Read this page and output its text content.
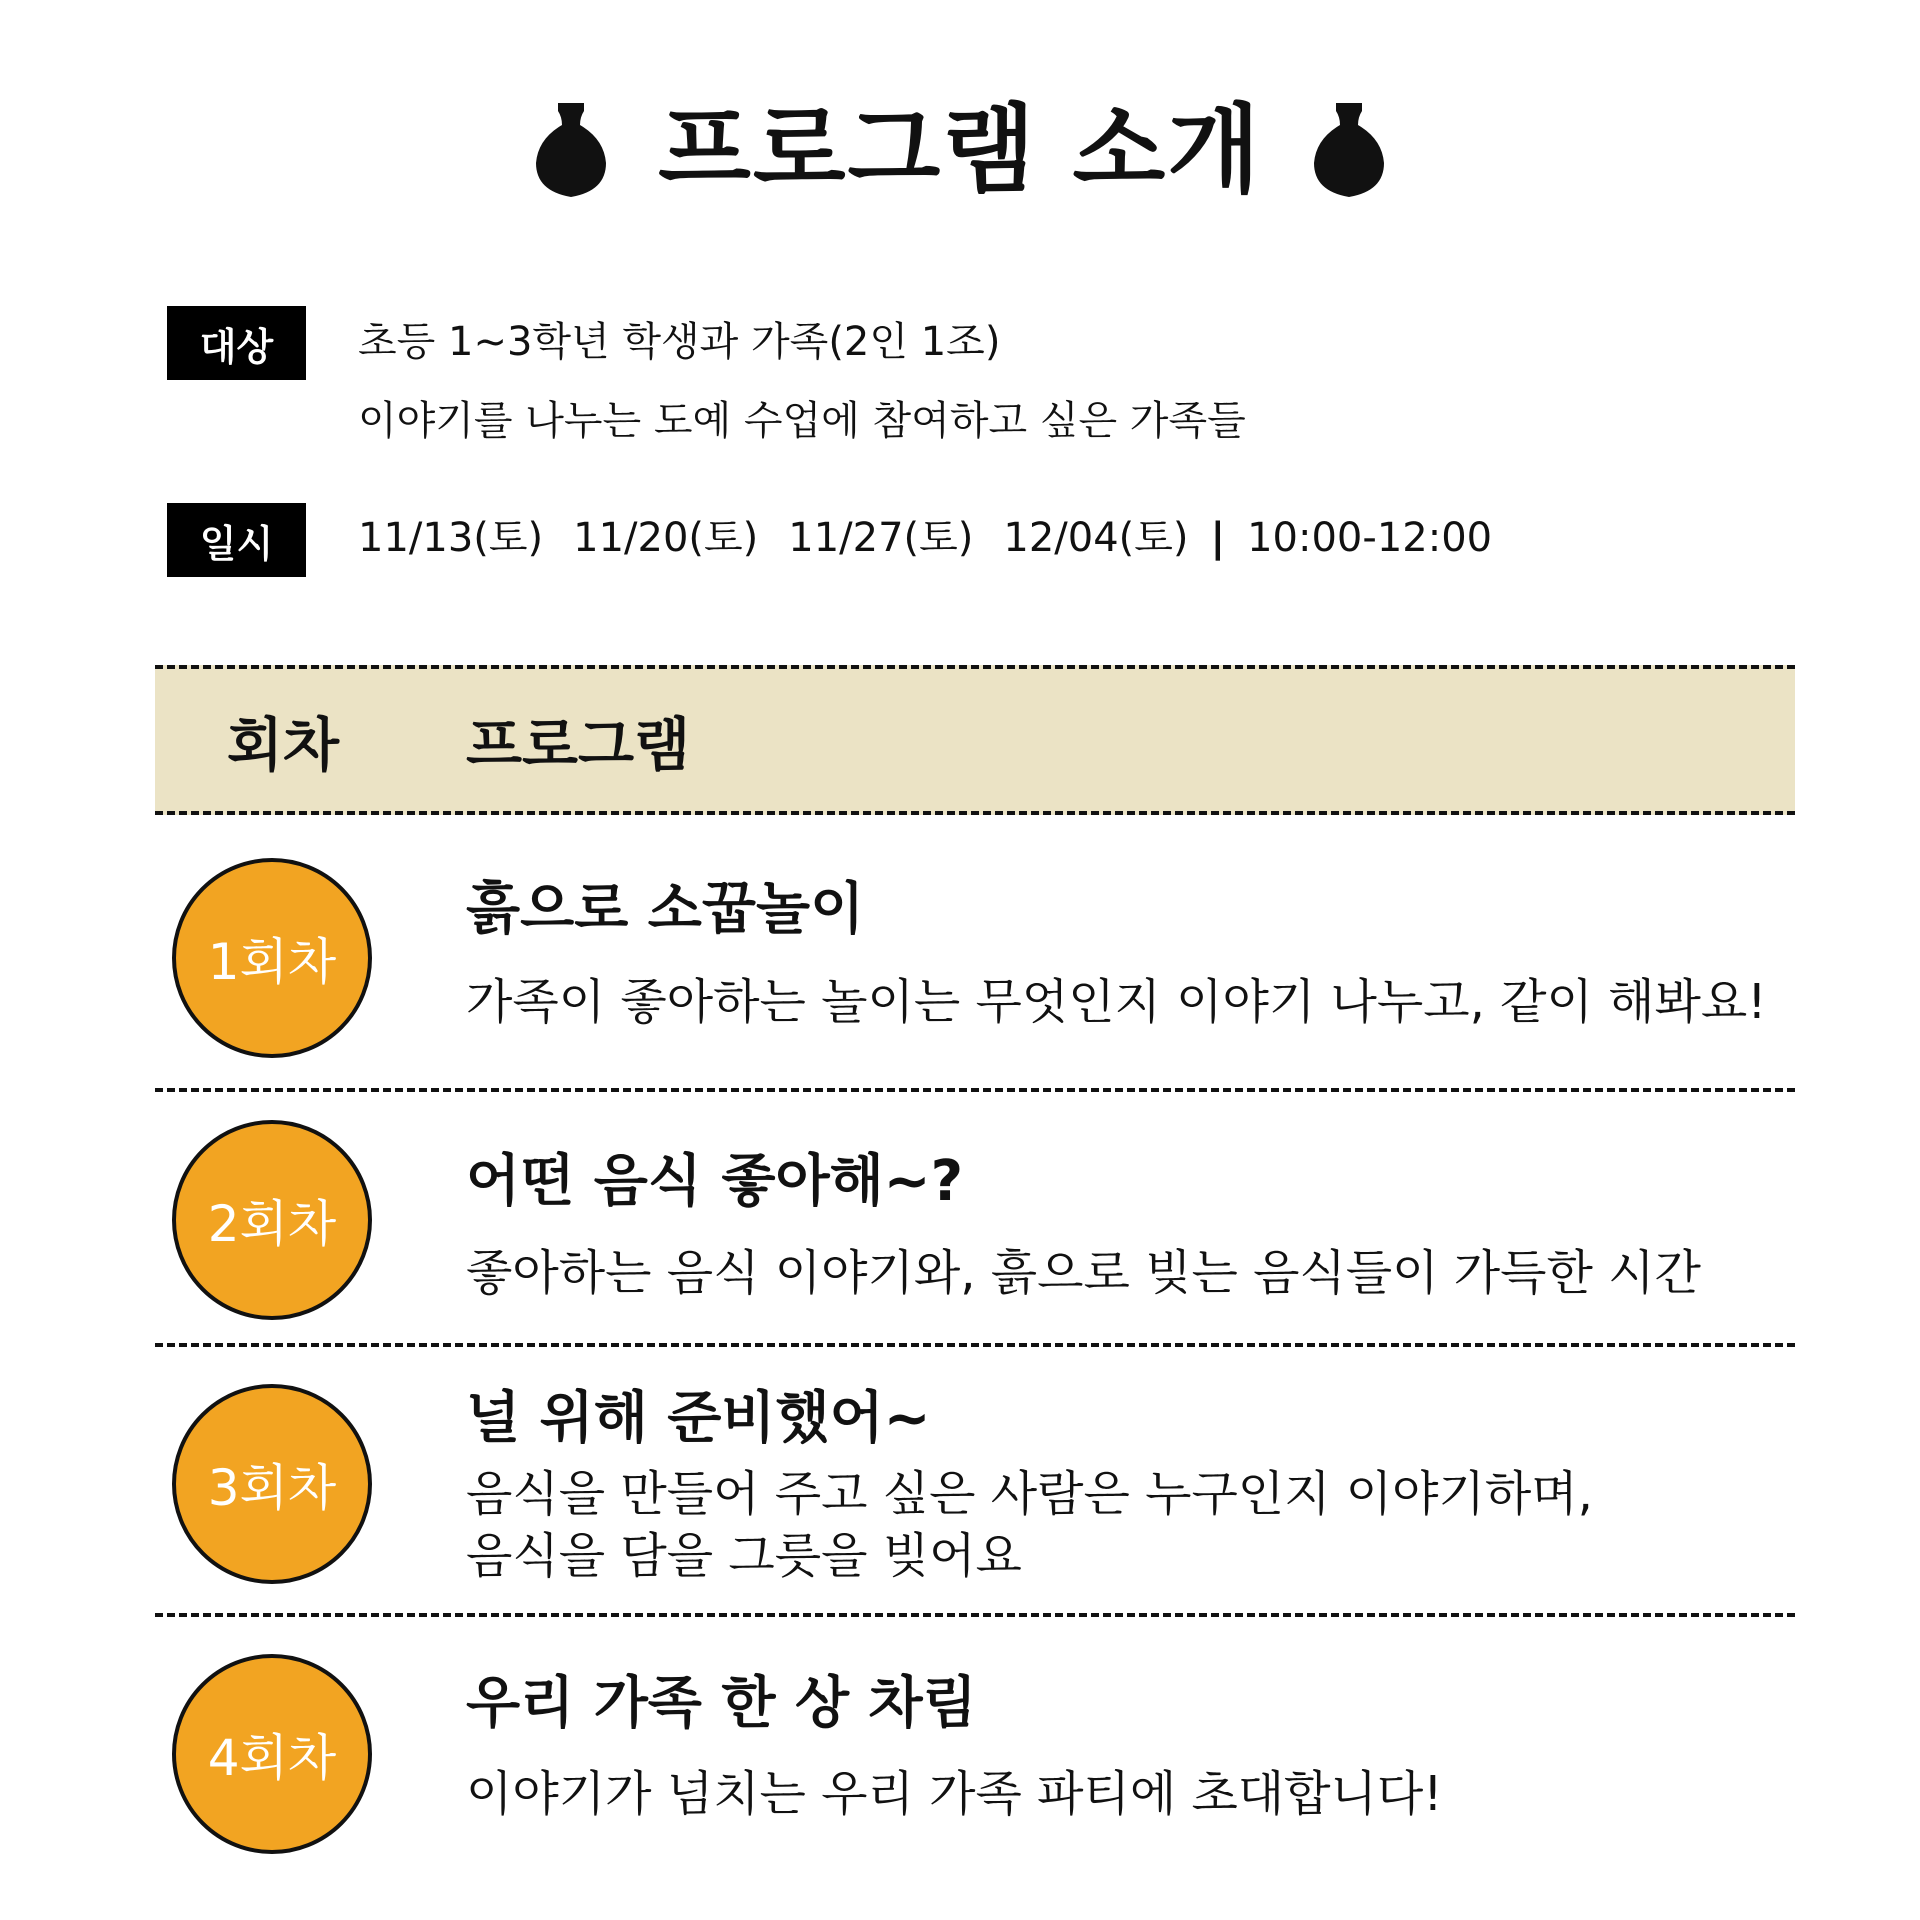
프로그램 소개
대상	초등 1~3학년 학생과 가족(2인 1조)
이야기를 나누는 도예 수업에 참여하고 싶은 가족들
일시	11/13(토) 11/20(토) 11/27(토) 12/04(토) | 10:00-12:00
회차 프로그램
1회차
흙으로 소꿉놀이
가족이 좋아하는 놀이는 무엇인지 이야기 나누고, 같이 해봐요!
2회차
어떤 음식 좋아해~?
좋아하는 음식 이야기와, 흙으로 빚는 음식들이 가득한 시간
3회차
널 위해 준비했어~
음식을 만들어 주고 싶은 사람은 누구인지 이야기하며,
음식을 담을 그릇을 빚어요
4회차
우리 가족 한 상 차림
이야기가 넘치는 우리 가족 파티에 초대합니다!
